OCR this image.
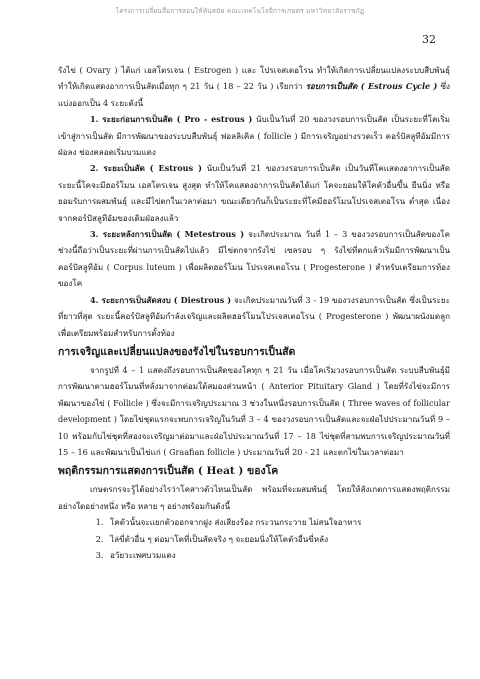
โครงการเปลี่ยนสื่อการสอนให้ทันสมัย คณะเทคโนโลยีการเกษตร มหาวิทยาลัยราชภัฏ
32

รังไข่ ( Ovary ) ได้แก่ เอสโตรเจน ( Estrogen ) และ โปรเจสเตอโรน ทำให้เกิดการเปลี่ยนแปลงระบบสืบพันธุ์ ทำให้เกิดแสดงอาการเป็นสัดเมื่อทุก ๆ 21 วัน ( 18 – 22 วัน ) เรียกว่า รอบการเป็นสัด ( Estrous Cycle ) ซึ่งแบ่งออกเป็น 4 ระยะดังนี้

1. ระยะก่อนการเป็นสัด ( Pro - estrous ) นับเป็นวันที่ 20 ของวงรอบการเป็นสัด เป็นระยะที่โคเริ่มเข้าสู่การเป็นสัด มีการพัฒนาของระบบสืบพันธุ์ ฟอลลิเคิล ( follicle ) มีการเจริญอย่างรวดเร็ว คอร์ปัสลูทีอัมมีการฝ่อลง ช่องคลอดเริ่มบวมแดง

2. ระยะเป็นสัด ( Estrous ) นับเป็นวันที่ 21 ของวงรอบการเป็นสัด เป็นวันที่โคแสดงอาการเป็นสัด ระยะนี้โคจะมีฮอร์โมน เอสโตรเจน สูงสุด ทำให้โคแสดงอาการเป็นสัดได้แก่ โคจะยอมให้โคตัวอื่นขึ้น ยืนนิ่ง หรือ ยอมรับการผสมพันธุ์ และมีไข่ตกในเวลาต่อมา ขณะเดียวกันก็เป็นระยะที่โคมีฮอร์โมนโปรเจสเตอโรน ต่ำสุด เนื่องจากคอร์ปัสลูทีอัมของเดิมฝ่อลงแล้ว

3. ระยะหลังการเป็นสัด ( Metestrous ) จะเกิดประมาณ วันที่ 1 – 3 ของวงรอบการเป็นสัดของโค ช่วงนี้ถือว่าเป็นระยะที่ผ่านการเป็นสัดไปแล้ว มีไข่ตกจากรังไข่ เซลรอบ ๆ รังไข่ที่ตกแล้วเริ่มมีการพัฒนาเป็นคอร์ปัสลูทีอัม ( Corpus luteum ) เพื่อผลิตฮอร์โมน โปรเจสเตอโรน ( Progesterone ) สำหรับเตรียมการท้องของโค

4. ระยะการเป็นสัดสงบ ( Diestrous ) จะเกิดประมาณวันที่ 3 - 19 ของวงรอบการเป็นสัด ซึ่งเป็นระยะที่ยาวที่สุด ระยะนี้คอร์ปัสลูทีอัมกำลังเจริญและผลิตฮอร์โมนโปรเจสเตอโรน ( Progesterone ) พัฒนาผนังมดลูกเพื่อเตรียมพร้อมสำหรับการตั้งท้อง

การเจริญและเปลี่ยนแปลงของรังไข่ในรอบการเป็นสัด

จากรูปที่ 4 – 1 แสดงถึงรอบการเป็นสัดของโคทุก ๆ 21 วัน เมื่อโคเริ่มวงรอบการเป็นสัด ระบบสืบพันธุ์มีการพัฒนาตามฮอร์โมนที่หลั่งมาจากต่อมใต้สมองส่วนหน้า ( Anterior Pituitary Gland ) โดยที่รังไข่จะมีการพัฒนาของไข่ ( Follicle ) ซึ่งจะมีการเจริญประมาณ 3 ช่วงในหนึ่งรอบการเป็นสัด ( Three waves of follicular development ) โดยไข่ชุดแรกจะพบการเจริญในวันที่ 3 – 4 ของวงรอบการเป็นสัดและจะฝ่อไปประมาณวันที่ 9 – 10 พร้อมกับไข่ชุดที่สองจะเจริญมาต่อมาและฝ่อไปประมาณวันที่ 17 – 18 ไข่ชุดที่สามพบการเจริญประมาณวันที่ 15 – 16 และพัฒนาเป็นไข่แก่ ( Graafian follicle ) ประมาณวันที่ 20 - 21 และตกไข่ในเวลาต่อมา

พฤติกรรมการแสดงการเป็นสัด ( Heat ) ของโค

เกษตรกรจะรู้ได้อย่างไรว่าโคสาวตัวไหนเป็นสัด พร้อมที่จะผสมพันธุ์ โดยให้สังเกตการแสดงพฤติกรรมอย่างใดอย่างหนึ่ง หรือ หลาย ๆ อย่างพร้อมกันดังนี้

1. โคตัวนั้นจะแยกตัวออกจากฝูง ส่งเสียงร้อง กระวนกระวาย ไม่สนใจอาหาร
2. ไล่ขี่ตัวอื่น ๆ ต่อมาโคที่เป็นสัดจริง ๆ จะยอมนิ่งให้โคตัวอื่นขี่หลัง
3. อวัยวะเพศบวมแดง
